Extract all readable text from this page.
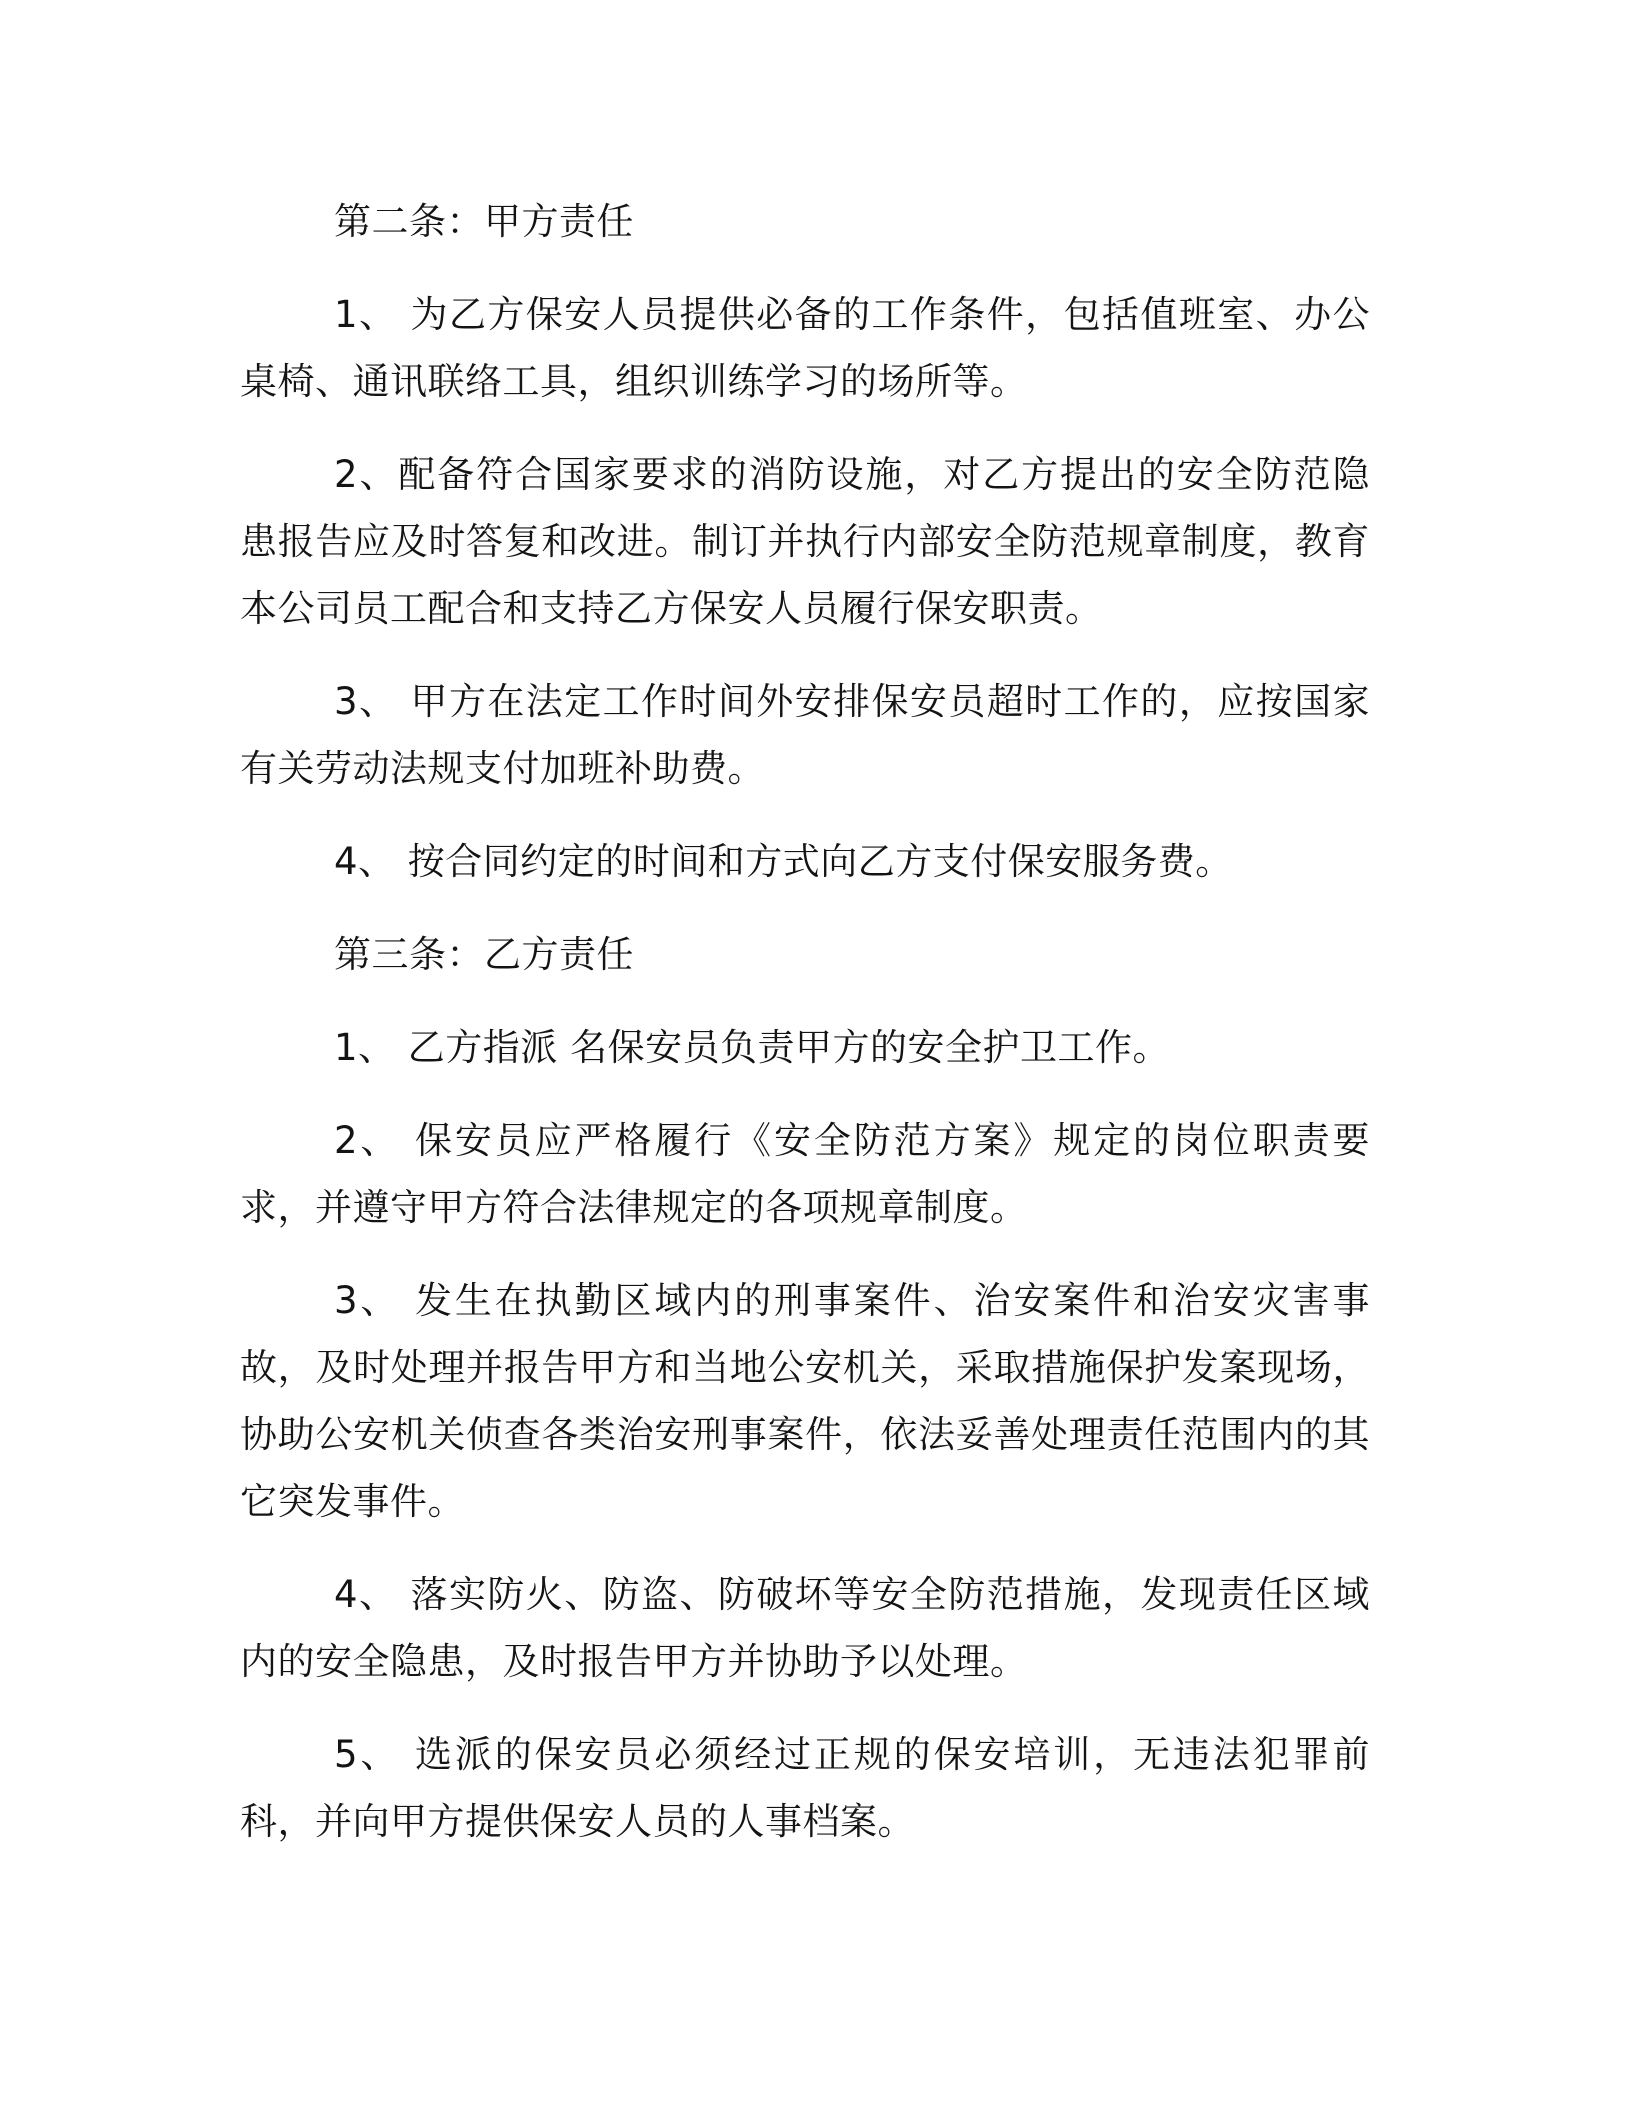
第二条：甲方责任

1、 为乙方保安人员提供必备的工作条件，包括值班室、办公桌椅、通讯联络工具，组织训练学习的场所等。

2、配备符合国家要求的消防设施，对乙方提出的安全防范隐患报告应及时答复和改进。制订并执行内部安全防范规章制度，教育本公司员工配合和支持乙方保安人员履行保安职责。

3、 甲方在法定工作时间外安排保安员超时工作的，应按国家有关劳动法规支付加班补助费。

4、 按合同约定的时间和方式向乙方支付保安服务费。

第三条：乙方责任

1、 乙方指派 名保安员负责甲方的安全护卫工作。

2、 保安员应严格履行《安全防范方案》规定的岗位职责要求，并遵守甲方符合法律规定的各项规章制度。

3、 发生在执勤区域内的刑事案件、治安案件和治安灾害事故，及时处理并报告甲方和当地公安机关，采取措施保护发案现场，协助公安机关侦查各类治安刑事案件，依法妥善处理责任范围内的其它突发事件。

4、 落实防火、防盗、防破坏等安全防范措施，发现责任区域内的安全隐患，及时报告甲方并协助予以处理。

5、 选派的保安员必须经过正规的保安培训，无违法犯罪前科，并向甲方提供保安人员的人事档案。
